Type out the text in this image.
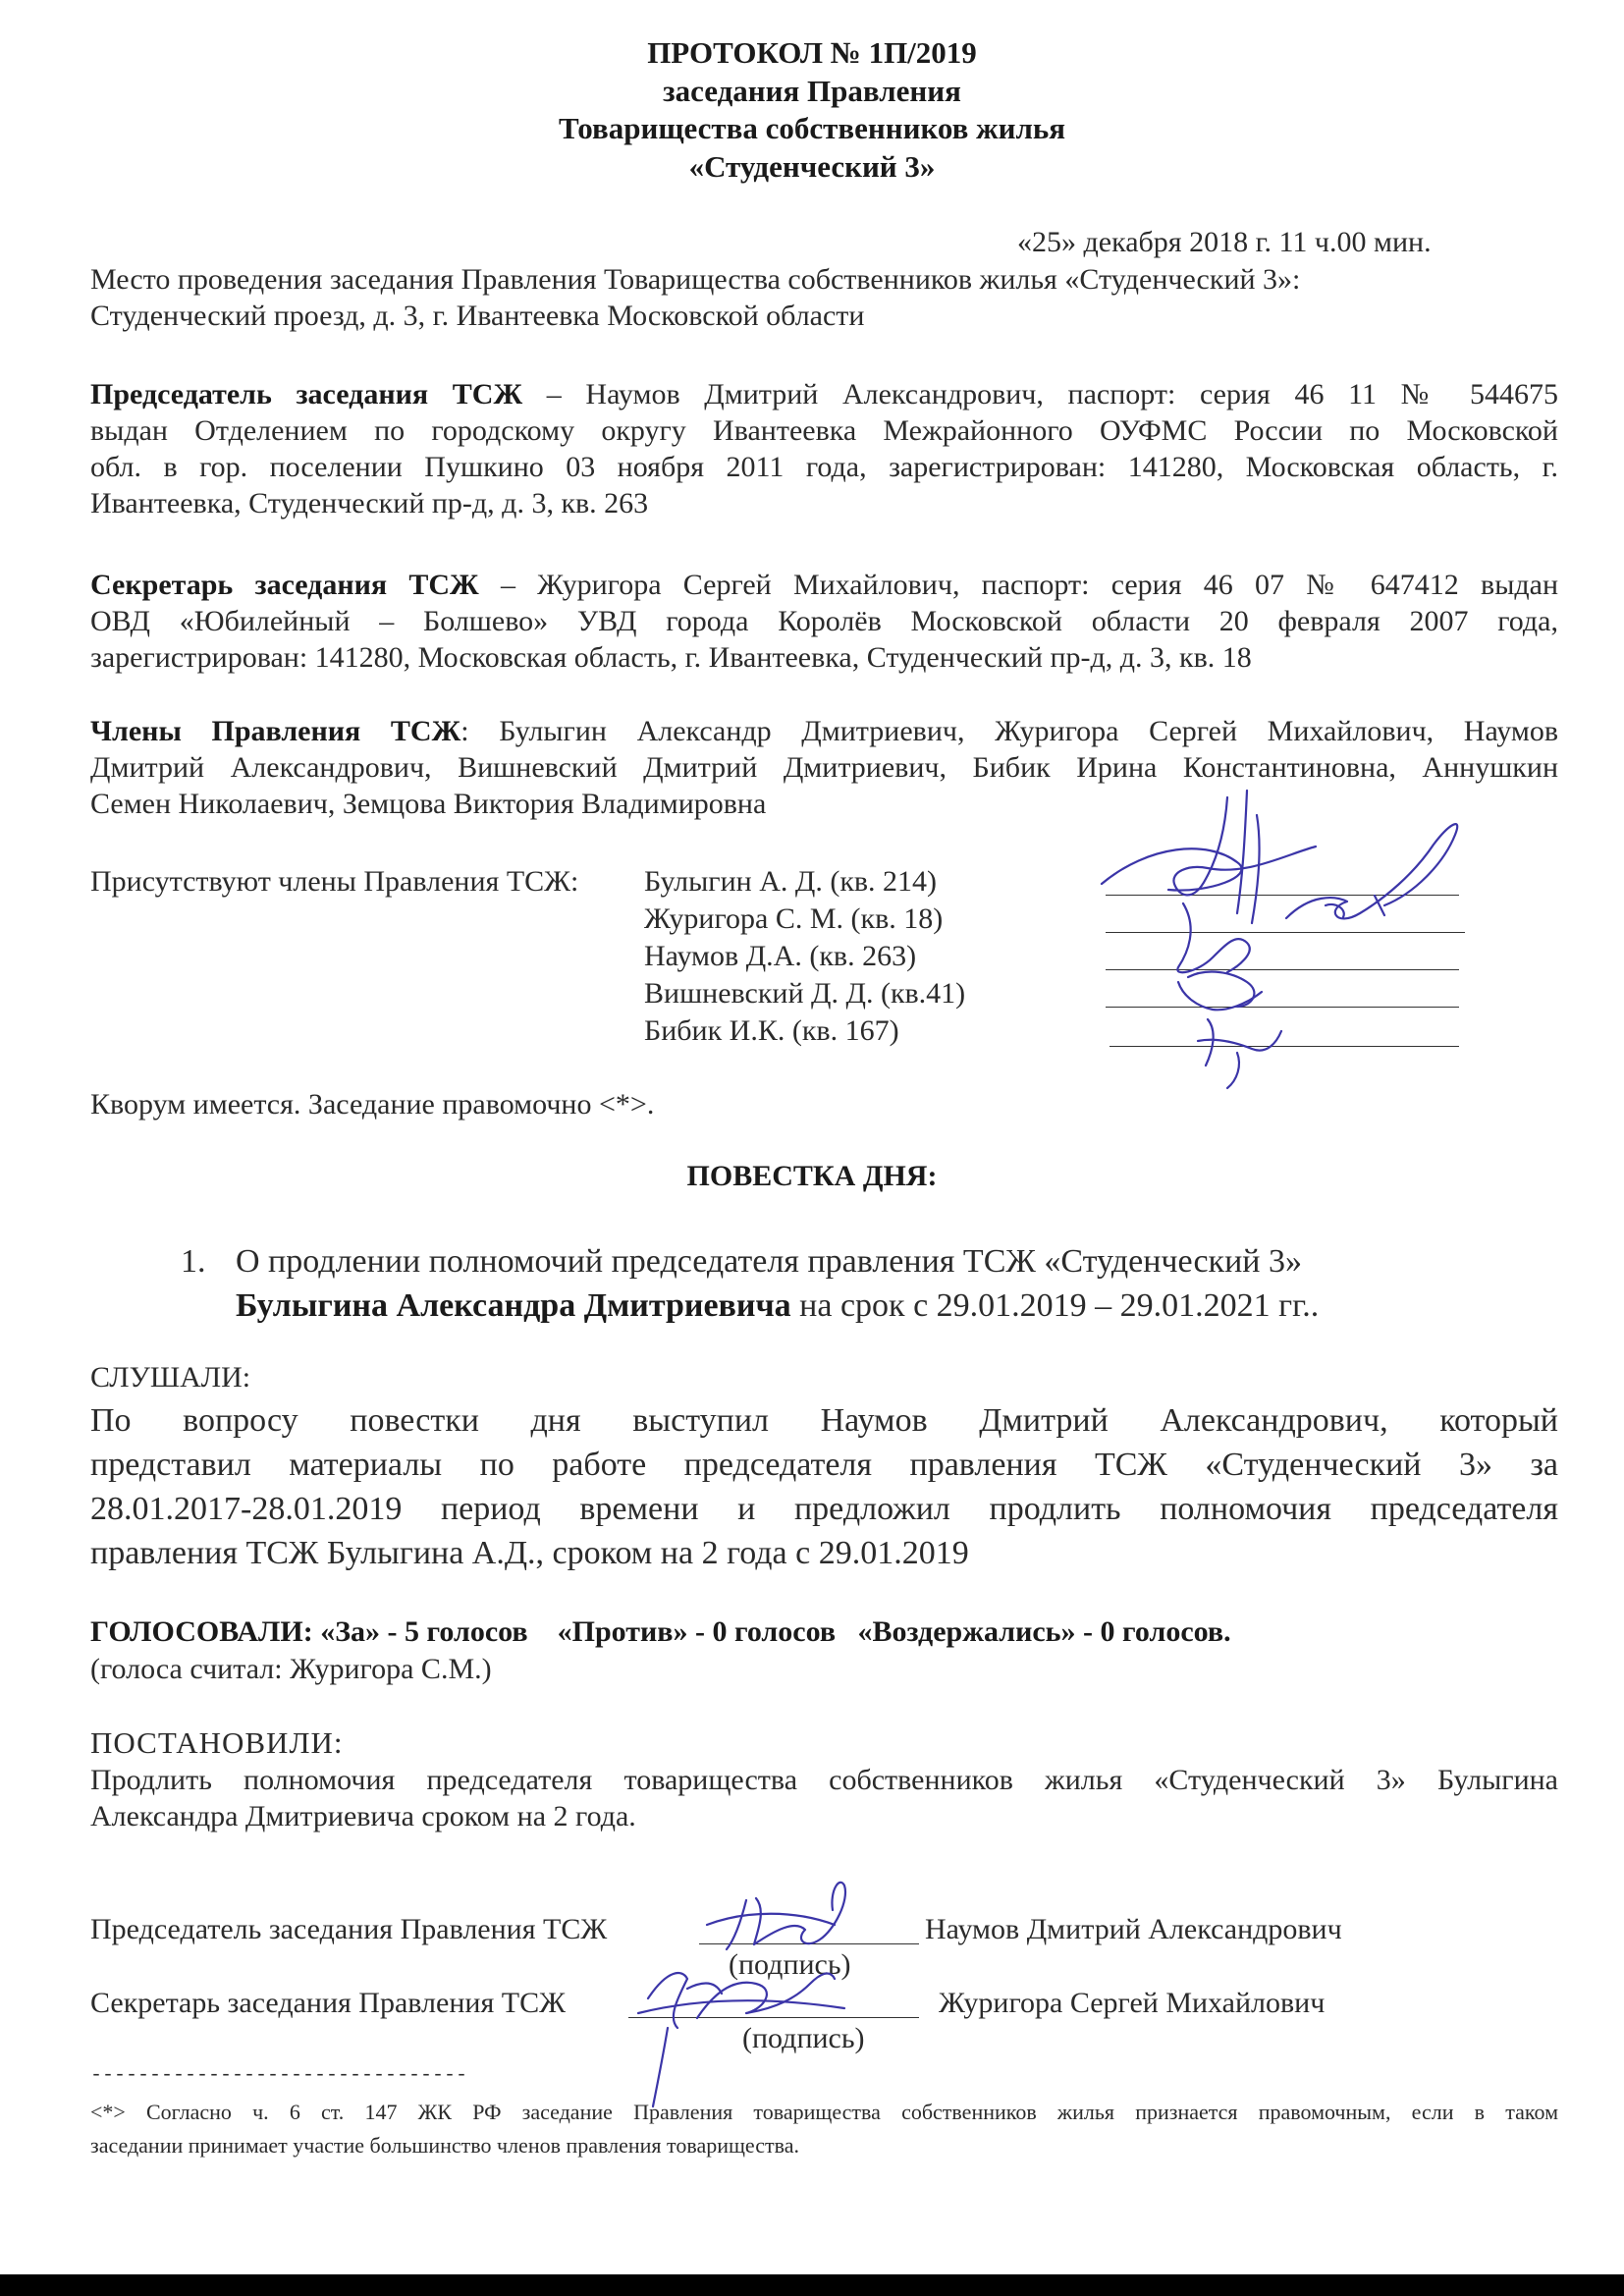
ПРОТОКОЛ № 1П/2019
заседания Правления
Товарищества собственников жилья
«Студенческий 3»
«25» декабря 2018 г. 11 ч.00 мин.
Место проведения заседания Правления Товарищества собственников жилья «Студенческий 3»:
Студенческий проезд, д. 3, г. Ивантеевка Московской области
Председатель заседания ТСЖ – Наумов Дмитрий Александрович, паспорт: серия 46 11 № 544675
выдан Отделением по городскому округу Ивантеевка Межрайонного ОУФМС России по Московской
обл. в гор. поселении Пушкино 03 ноября 2011 года, зарегистрирован: 141280, Московская область, г.
Ивантеевка, Студенческий пр-д, д. 3, кв. 263
Секретарь заседания ТСЖ – Журигора Сергей Михайлович, паспорт: серия 46 07 № 647412 выдан
ОВД «Юбилейный – Болшево» УВД города Королёв Московской области 20 февраля 2007 года,
зарегистрирован: 141280, Московская область, г. Ивантеевка, Студенческий пр-д, д. 3, кв. 18
Члены Правления ТСЖ: Булыгин Александр Дмитриевич, Журигора Сергей Михайлович, Наумов
Дмитрий Александрович, Вишневский Дмитрий Дмитриевич, Бибик Ирина Константиновна, Аннушкин
Семен Николаевич, Земцова Виктория Владимировна
Присутствуют члены Правления ТСЖ:	Булыгин А. Д. (кв. 214)
Журигора С. М. (кв. 18)
Наумов Д.А. (кв. 263)
Вишневский Д. Д. (кв.41)
Бибик И.К. (кв. 167)
Кворум имеется. Заседание правомочно <*>.
ПОВЕСТКА ДНЯ:
1. О продлении полномочий председателя правления ТСЖ «Студенческий 3»
Булыгина Александра Дмитриевича на срок с 29.01.2019 – 29.01.2021 гг..
СЛУШАЛИ:
По вопросу повестки дня выступил Наумов Дмитрий Александрович, который
представил материалы по работе председателя правления ТСЖ «Студенческий 3» за
28.01.2017-28.01.2019 период времени и предложил продлить полномочия председателя
правления ТСЖ Булыгина А.Д., сроком на 2 года с 29.01.2019
ГОЛОСОВАЛИ: «За» - 5 голосов    «Против» - 0 голосов   «Воздержались» - 0 голосов.
(голоса считал: Журигора С.М.)
ПОСТАНОВИЛИ:
Продлить полномочия председателя товарищества собственников жилья «Студенческий 3» Булыгина
Александра Дмитриевича сроком на 2 года.
Председатель заседания Правления ТСЖ	Наумов Дмитрий Александрович
(подпись)
Секретарь заседания Правления ТСЖ	Журигора Сергей Михайлович
(подпись)
--------------------------------
<*> Согласно ч. 6 ст. 147 ЖК РФ заседание Правления товарищества собственников жилья признается правомочным, если в таком
заседании принимает участие большинство членов правления товарищества.
